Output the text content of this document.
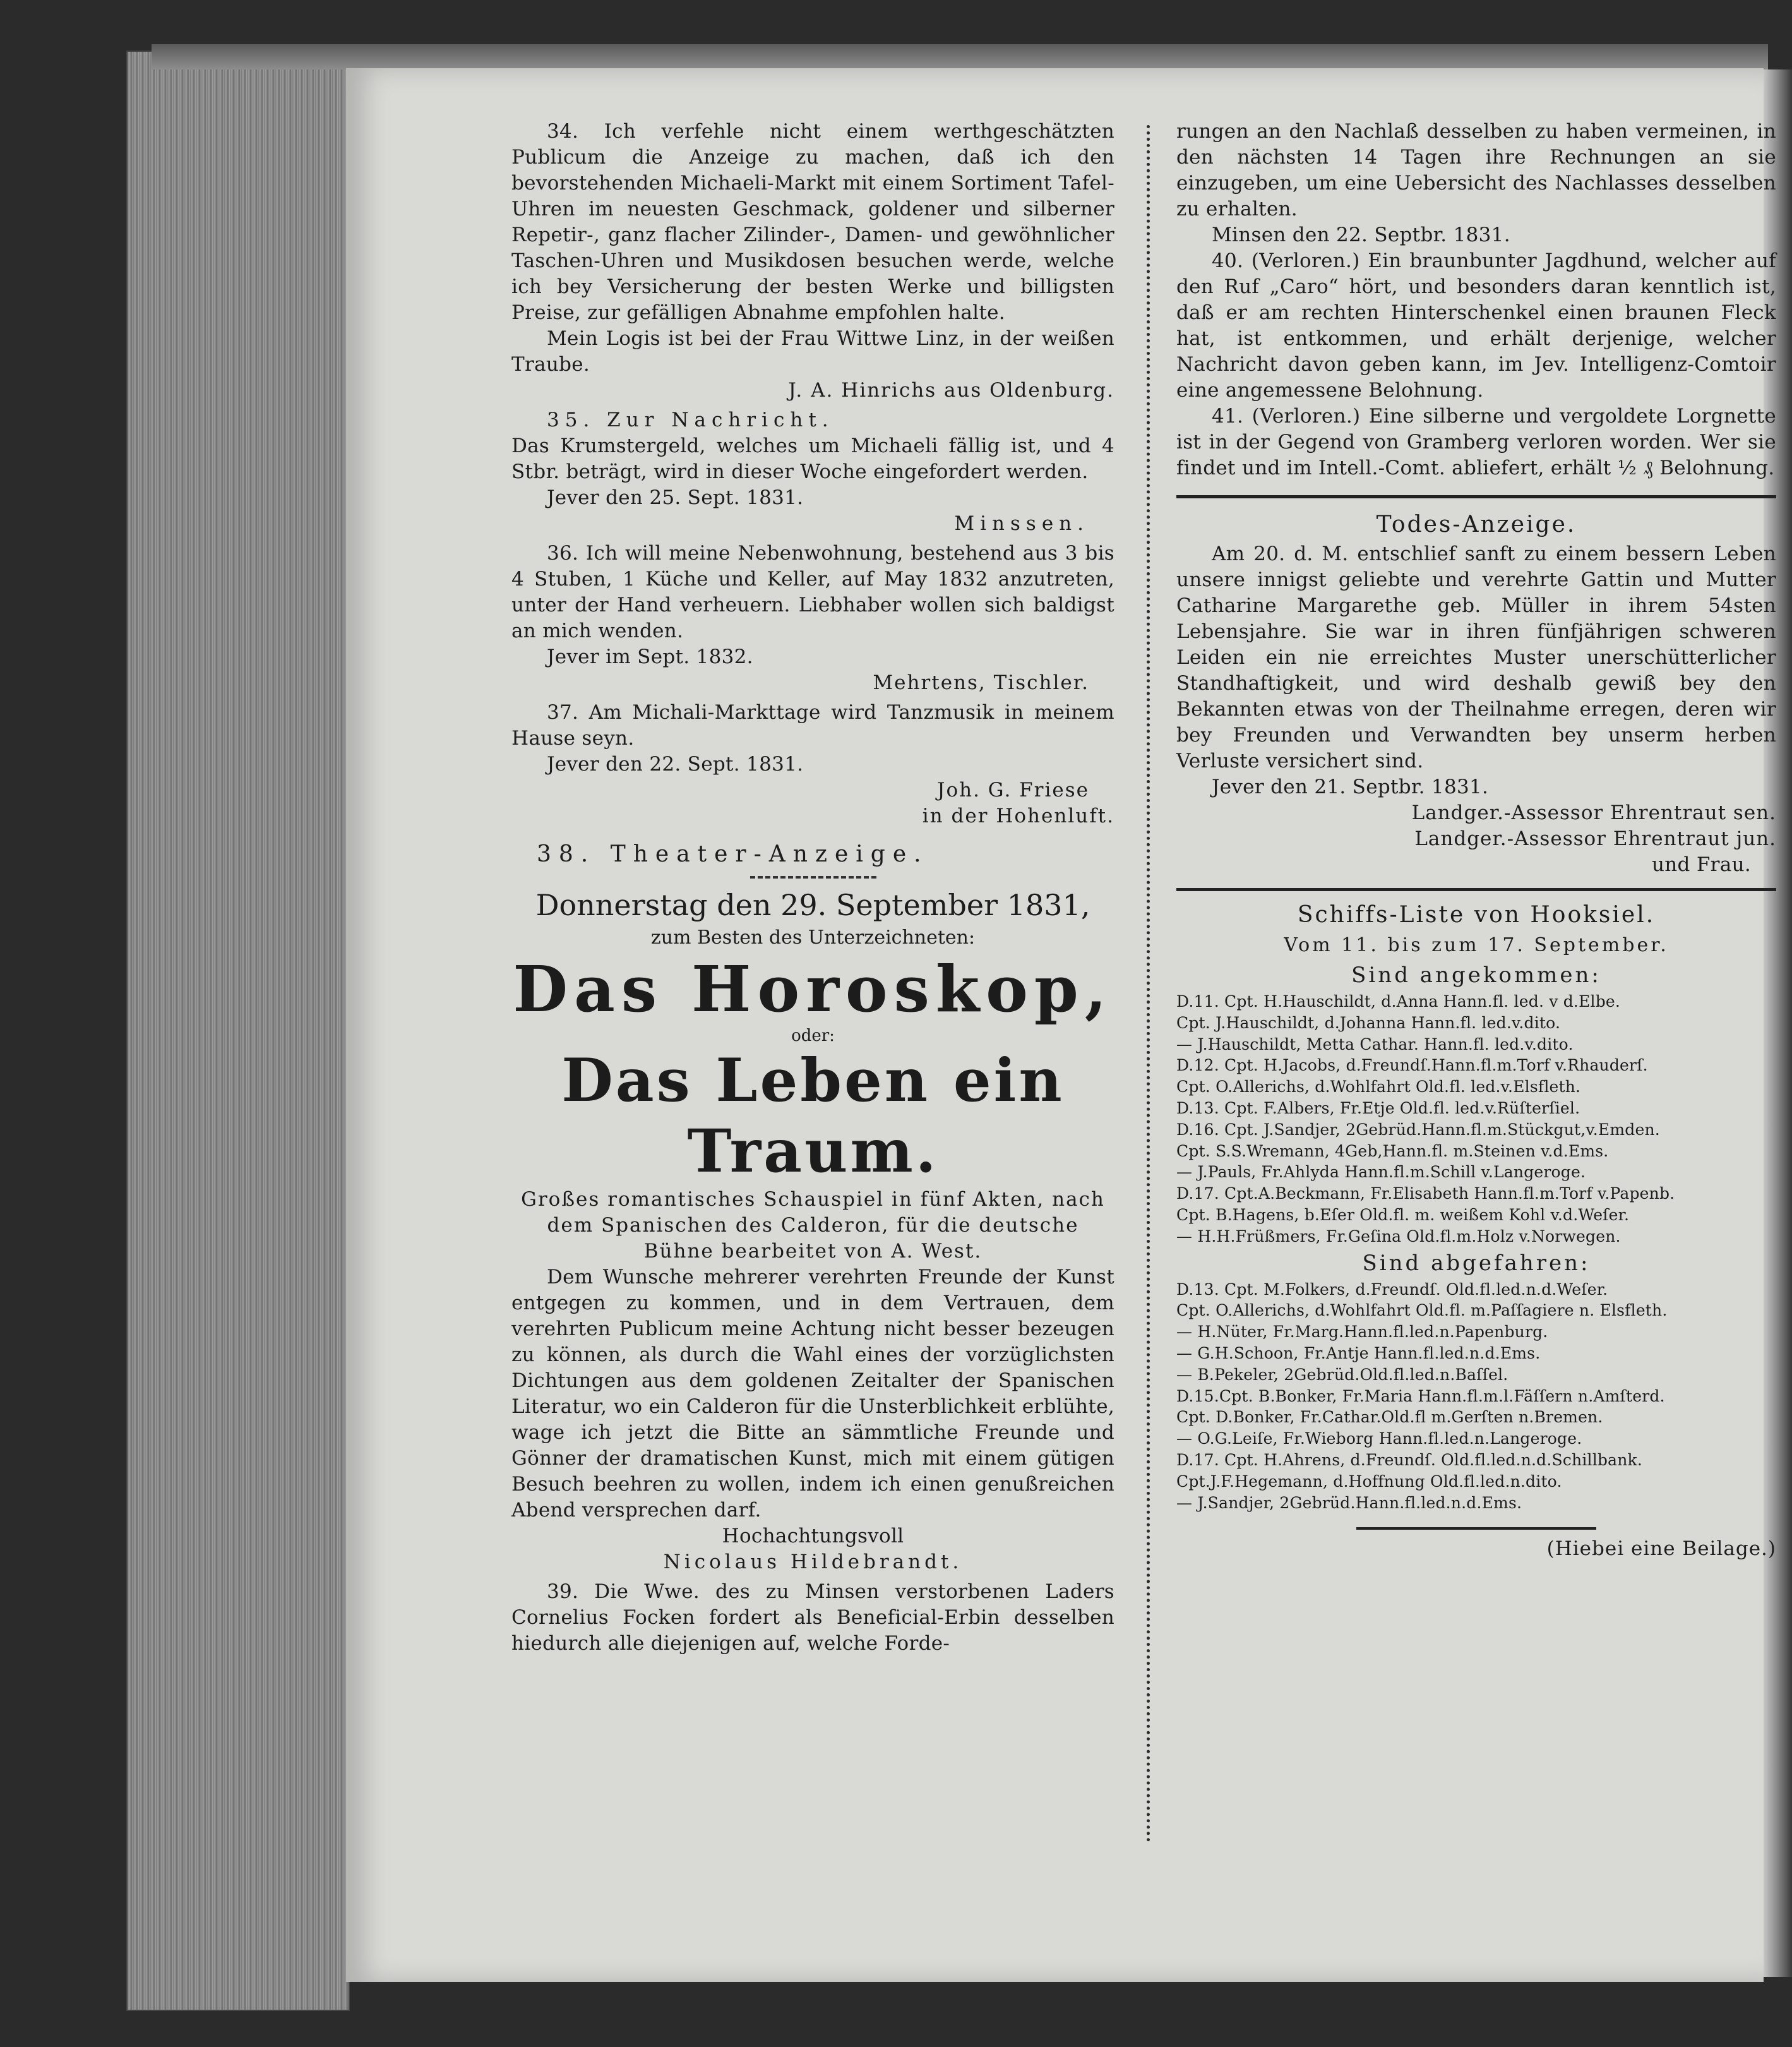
34. Ich verfehle nicht einem werthgeschätzten Publicum die Anzeige zu machen, daß ich den bevorstehenden Michaeli-Markt mit einem Sortiment Tafel-Uhren im neuesten Geschmack, goldener und silberner Repetir-, ganz flacher Zilinder-, Damen- und gewöhnlicher Taschen-Uhren und Musikdosen besuchen werde, welche ich bey Versicherung der besten Werke und billigsten Preise, zur gefälligen Abnahme empfohlen halte.

Mein Logis ist bei der Frau Wittwe Linz, in der weißen Traube.

J. A. Hinrichs aus Oldenburg.

35. Zur Nachricht.

Das Krumstergeld, welches um Michaeli fällig ist, und 4 Stbr. beträgt, wird in dieser Woche eingefordert werden.

Jever den 25. Sept. 1831.

Minssen.

36. Ich will meine Nebenwohnung, bestehend aus 3 bis 4 Stuben, 1 Küche und Keller, auf May 1832 anzutreten, unter der Hand verheuern. Liebhaber wollen sich baldigst an mich wenden.

Jever im Sept. 1832.

Mehrtens, Tischler.

37. Am Michali-Markttage wird Tanzmusik in meinem Hause seyn.

Jever den 22. Sept. 1831.

Joh. G. Friese

in der Hohenluft.

38. Theater-Anzeige.

Donnerstag den 29. September 1831,

zum Besten des Unterzeichneten:

Das Horoskop,

oder:

Das Leben ein Traum.

Großes romantisches Schauspiel in fünf Akten, nach dem Spanischen des Calderon, für die deutsche Bühne bearbeitet von A. West.

Dem Wunsche mehrerer verehrten Freunde der Kunst entgegen zu kommen, und in dem Vertrauen, dem verehrten Publicum meine Achtung nicht besser bezeugen zu können, als durch die Wahl eines der vorzüglichsten Dichtungen aus dem goldenen Zeitalter der Spanischen Literatur, wo ein Calderon für die Unsterblichkeit erblühte, wage ich jetzt die Bitte an sämmtliche Freunde und Gönner der dramatischen Kunst, mich mit einem gütigen Besuch beehren zu wollen, indem ich einen genußreichen Abend versprechen darf.

Hochachtungsvoll

Nicolaus Hildebrandt.

39. Die Wwe. des zu Minsen verstorbenen Laders Cornelius Focken fordert als Beneficial-Erbin desselben hiedurch alle diejenigen auf, welche Forde-

rungen an den Nachlaß desselben zu haben vermeinen, in den nächsten 14 Tagen ihre Rechnungen an sie einzugeben, um eine Uebersicht des Nachlasses desselben zu erhalten.

Minsen den 22. Septbr. 1831.

40. (Verloren.) Ein braunbunter Jagdhund, welcher auf den Ruf „Caro“ hört, und besonders daran kenntlich ist, daß er am rechten Hinterschenkel einen braunen Fleck hat, ist entkommen, und erhält derjenige, welcher Nachricht davon geben kann, im Jev. Intelligenz-Comtoir eine angemessene Belohnung.

41. (Verloren.) Eine silberne und vergoldete Lorgnette ist in der Gegend von Gramberg verloren worden. Wer sie findet und im Intell.-Comt. abliefert, erhält ½ ₰ Belohnung.

Todes-Anzeige.

Am 20. d. M. entschlief sanft zu einem bessern Leben unsere innigst geliebte und verehrte Gattin und Mutter Catharine Margarethe geb. Müller in ihrem 54sten Lebensjahre. Sie war in ihren fünfjährigen schweren Leiden ein nie erreichtes Muster unerschütterlicher Standhaftigkeit, und wird deshalb gewiß bey den Bekannten etwas von der Theilnahme erregen, deren wir bey Freunden und Verwandten bey unserm herben Verluste versichert sind.

Jever den 21. Septbr. 1831.

Landger.-Assessor Ehrentraut sen.

Landger.-Assessor Ehrentraut jun.

und Frau.

Schiffs-Liste von Hooksiel.

Vom 11. bis zum 17. September.

Sind angekommen:

D.11. Cpt. H.Hauschildt, d.Anna Hann.fl. led. v d.Elbe.

Cpt. J.Hauschildt, d.Johanna Hann.fl. led.v.dito.

— J.Hauschildt, Metta Cathar. Hann.fl. led.v.dito.

D.12. Cpt. H.Jacobs, d.Freundſ.Hann.fl.m.Torf v.Rhauderſ.

Cpt. O.Allerichs, d.Wohlfahrt Old.fl. led.v.Elsfleth.

D.13. Cpt. F.Albers, Fr.Etje Old.fl. led.v.Rüſterſiel.

D.16. Cpt. J.Sandjer, 2Gebrüd.Hann.fl.m.Stückgut,v.Emden.

Cpt. S.S.Wremann, 4Geb,Hann.fl. m.Steinen v.d.Ems.

— J.Pauls, Fr.Ahlyda Hann.fl.m.Schill v.Langeroge.

D.17. Cpt.A.Beckmann, Fr.Elisabeth Hann.fl.m.Torf v.Papenb.

Cpt. B.Hagens, b.Eſer Old.fl. m. weißem Kohl v.d.Weſer.

— H.H.Früßmers, Fr.Geſina Old.fl.m.Holz v.Norwegen.

Sind abgefahren:

D.13. Cpt. M.Folkers, d.Freundſ. Old.fl.led.n.d.Weſer.

Cpt. O.Allerichs, d.Wohlfahrt Old.fl. m.Paſſagiere n. Elsfleth.

— H.Nüter, Fr.Marg.Hann.fl.led.n.Papenburg.

— G.H.Schoon, Fr.Antje Hann.fl.led.n.d.Ems.

— B.Pekeler, 2Gebrüd.Old.fl.led.n.Baſſel.

D.15.Cpt. B.Bonker, Fr.Maria Hann.fl.m.l.Fäſſern n.Amſterd.

Cpt. D.Bonker, Fr.Cathar.Old.fl m.Gerſten n.Bremen.

— O.G.Leiſe, Fr.Wieborg Hann.fl.led.n.Langeroge.

D.17. Cpt. H.Ahrens, d.Freundſ. Old.fl.led.n.d.Schillbank.

Cpt.J.F.Hegemann, d.Hoffnung Old.fl.led.n.dito.

— J.Sandjer, 2Gebrüd.Hann.fl.led.n.d.Ems.

(Hiebei eine Beilage.)
